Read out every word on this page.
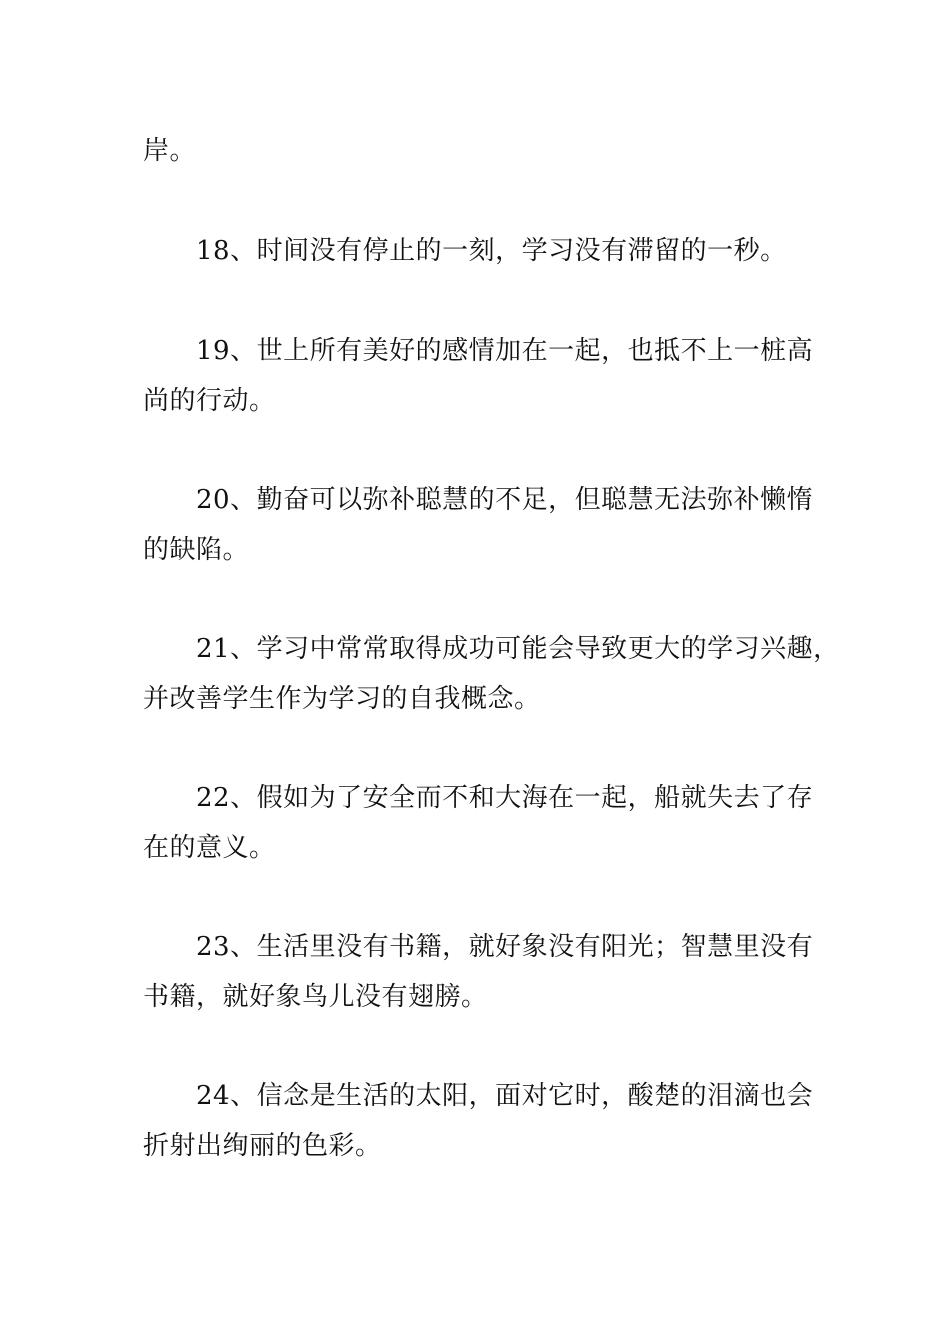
岸。
18、时间没有停止的一刻，学习没有滞留的一秒。
19、世上所有美好的感情加在一起，也抵不上一桩高
尚的行动。
20、勤奋可以弥补聪慧的不足，但聪慧无法弥补懒惰
的缺陷。
21、学习中常常取得成功可能会导致更大的学习兴趣，
并改善学生作为学习的自我概念。
22、假如为了安全而不和大海在一起，船就失去了存
在的意义。
23、生活里没有书籍，就好象没有阳光；智慧里没有
书籍，就好象鸟儿没有翅膀。
24、信念是生活的太阳，面对它时，酸楚的泪滴也会
折射出绚丽的色彩。
